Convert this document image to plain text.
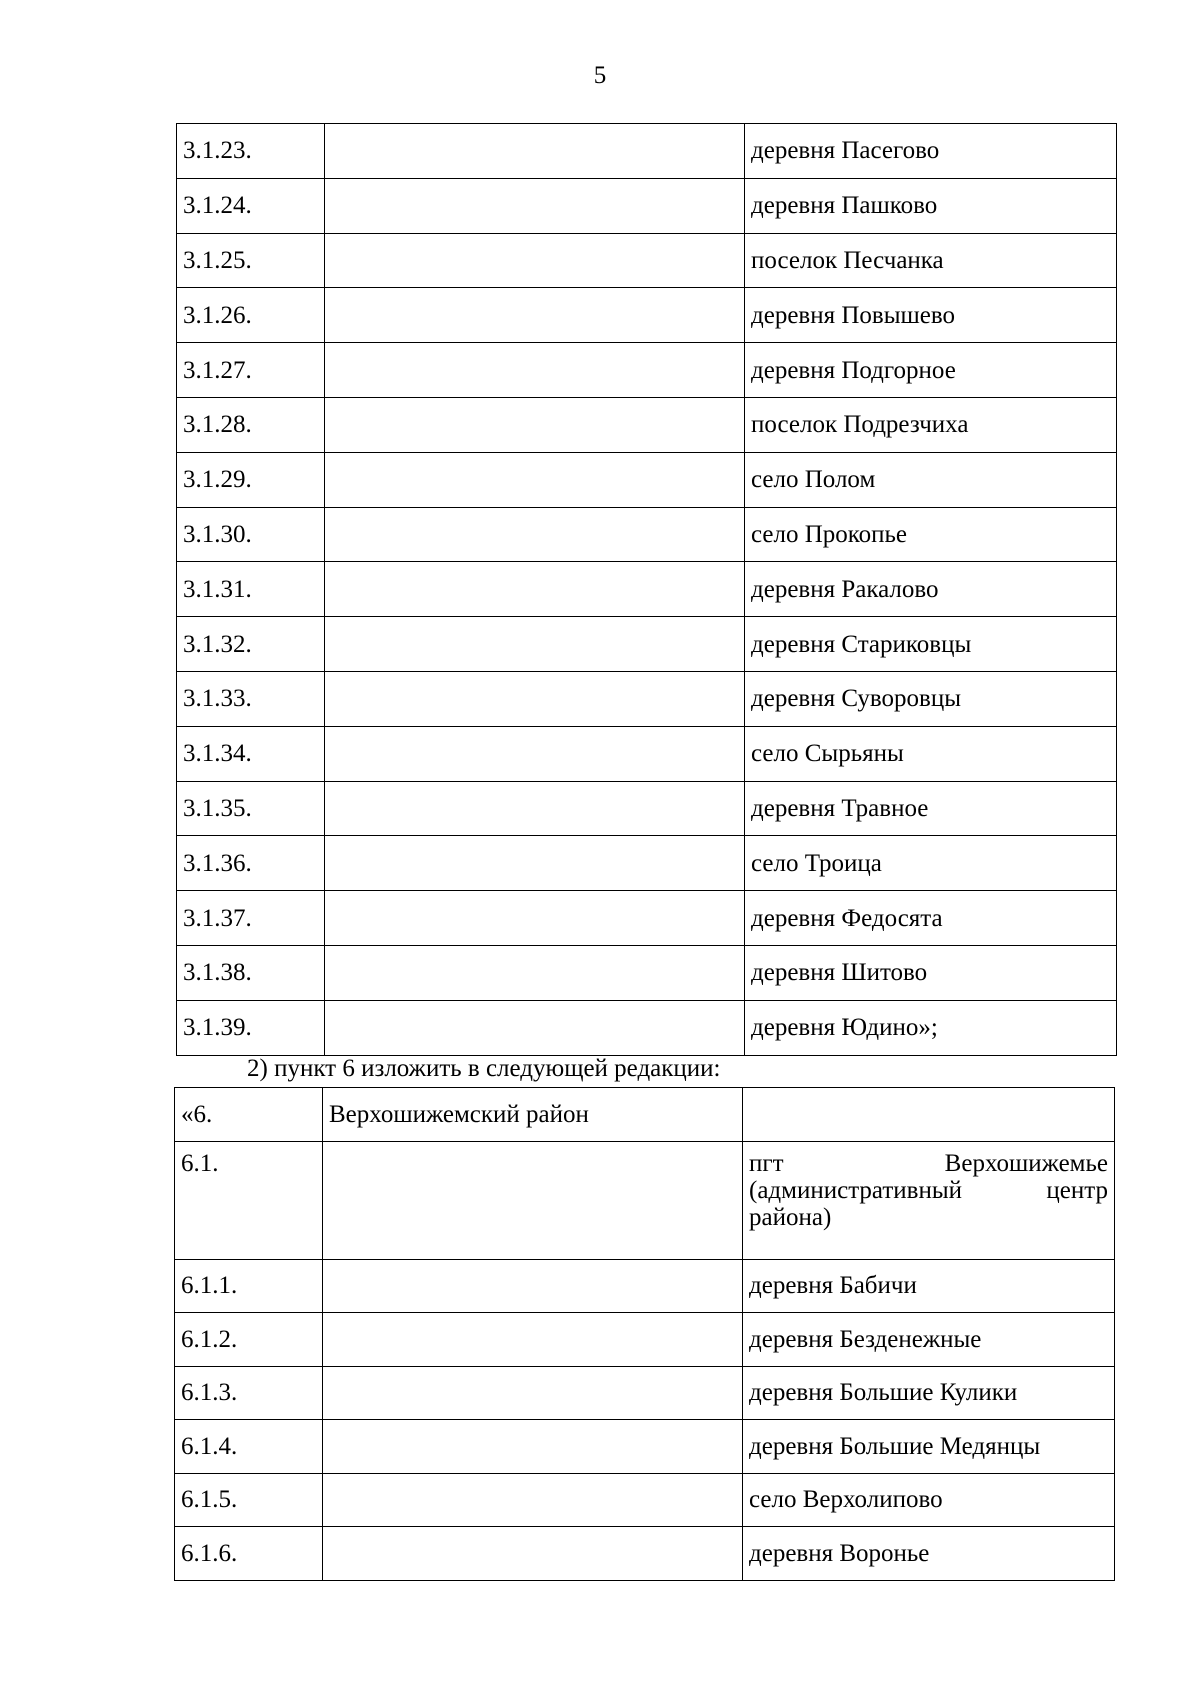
5
3.1.23.		деревня Пасегово
3.1.24.		деревня Пашково
3.1.25.		поселок Песчанка
3.1.26.		деревня Повышево
3.1.27.		деревня Подгорное
3.1.28.		поселок Подрезчиха
3.1.29.		село Полом
3.1.30.		село Прокопье
3.1.31.		деревня Ракалово
3.1.32.		деревня Стариковцы
3.1.33.		деревня Суворовцы
3.1.34.		село Сырьяны
3.1.35.		деревня Травное
3.1.36.		село Троица
3.1.37.		деревня Федосята
3.1.38.		деревня Шитово
3.1.39.		деревня Юдино»;
2) пункт 6 изложить в следующей редакции:
«6.	Верхошижемский район	
6.1.		пгт Верхошижемье
(административный центр
района)

6.1.1.		деревня Бабичи
6.1.2.		деревня Безденежные
6.1.3.		деревня Большие Кулики
6.1.4.		деревня Большие Медянцы
6.1.5.		село Верхолипово
6.1.6.		деревня Воронье
